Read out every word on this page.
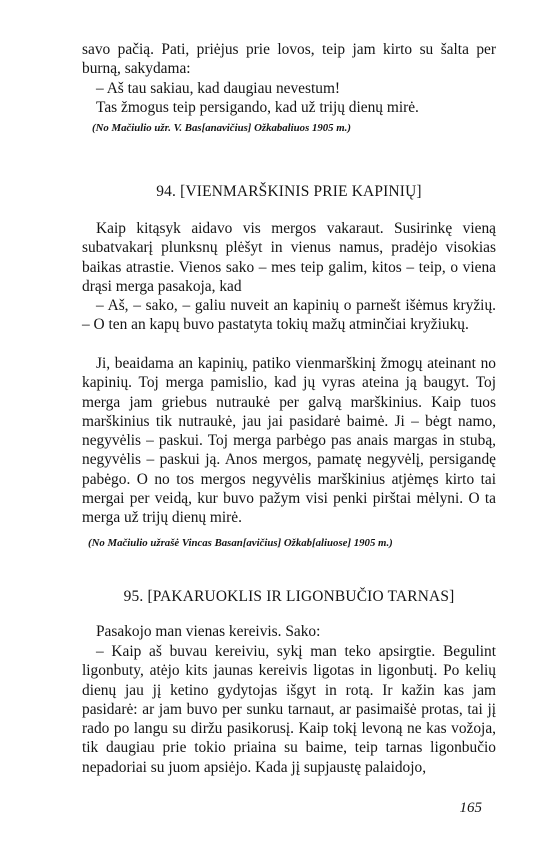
savo pačią. Pati, priėjus prie lovos, teip jam kirto su šalta per burną, sakydama:
– Aš tau sakiau, kad daugiau nevestum!
Tas žmogus teip persigando, kad už trijų dienų mirė.
(No Mačiulio užr. V. Bas[anavičius] Ožkabaliuos 1905 m.)
94. [VIENMARŠKINIS PRIE KAPINIŲ]
Kaip kitąsyk aidavo vis mergos vakaraut. Susirinkę vieną subatvakarį plunksnų plėšyt in vienus namus, pradėjo visokias baikas atrastie. Vienos sako – mes teip galim, kitos – teip, o viena drąsi merga pasakoja, kad
– Aš, – sako, – galiu nuveit an kapinių o parnešt išėmus kryžių. – O ten an kapų buvo pastatyta tokių mažų atminčiai kryžiukų.
Ji, beaidama an kapinių, patiko vienmarškinį žmogų ateinant no kapinių. Toj merga pamislio, kad jų vyras ateina ją baugyt. Toj merga jam griebus nutraukė per galvą marškinius. Kaip tuos marškinius tik nutraukė, jau jai pasidarė baimė. Ji – bėgt namo, negyvėlis – paskui. Toj merga parbėgo pas anais margas in stubą, negyvėlis – paskui ją. Anos mergos, pamatę negyvėlį, persigandę pabėgo. O no tos mergos negyvėlis marškinius atjėmęs kirto tai mergai per veidą, kur buvo pažym visi penki pirštai mėlyni. O ta merga už trijų dienų mirė.
(No Mačiulio užrašė Vincas Basan[avičius] Ožkab[aliuose] 1905 m.)
95. [PAKARUOKLIS IR LIGONBUČIO TARNAS]
Pasakojo man vienas kereivis. Sako:
– Kaip aš buvau kereiviu, sykį man teko apsirgtie. Begulint ligonbuty, atėjo kits jaunas kereivis ligotas in ligonbutį. Po kelių dienų jau jį ketino gydytojas išgyt in rotą. Ir kažin kas jam pasidarė: ar jam buvo per sunku tarnaut, ar pasimaišė protas, tai jį rado po langu su diržu pasikorusį. Kaip tokį levoną ne kas vožoja, tik daugiau prie tokio priaina su baime, teip tarnas ligonbučio nepadoriai su juom apsiėjo. Kada jį supjaustę palaidojo,
165
